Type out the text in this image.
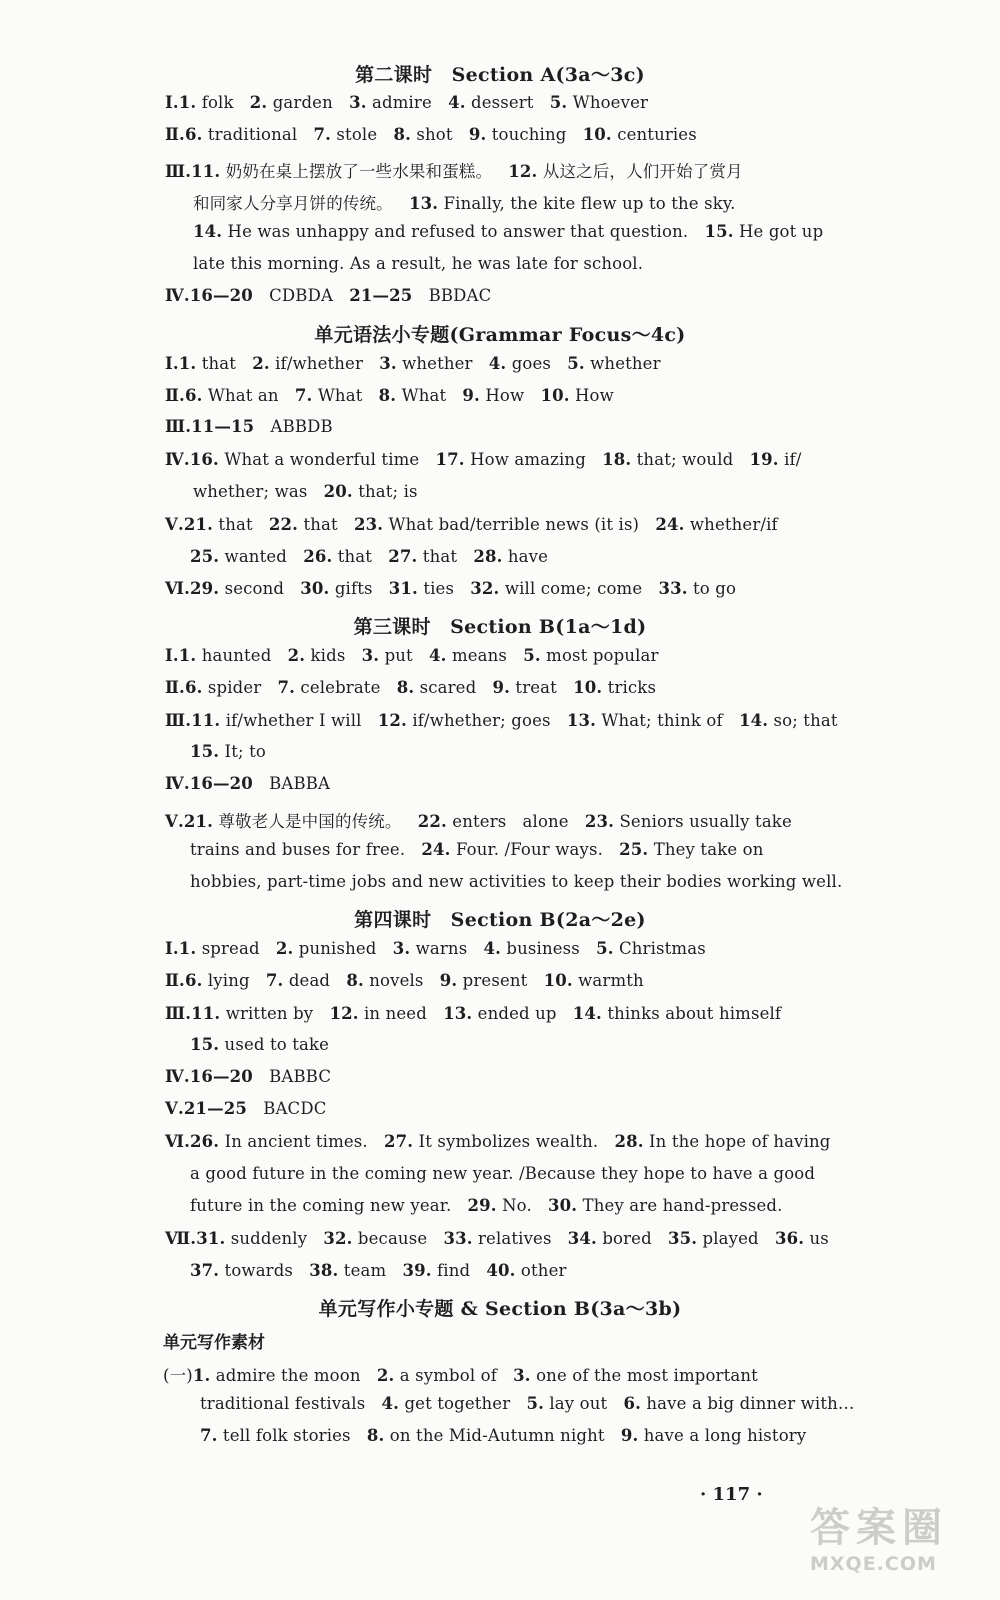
第二课时　Section A(3a～3c)
Ⅰ.1. folk   2. garden   3. admire   4. dessert   5. Whoever
Ⅱ.6. traditional   7. stole   8. shot   9. touching   10. centuries
Ⅲ.11. 奶奶在桌上摆放了一些水果和蛋糕。   12. 从这之后，人们开始了赏月
和同家人分享月饼的传统。   13. Finally, the kite flew up to the sky.
14. He was unhappy and refused to answer that question.   15. He got up
late this morning. As a result, he was late for school.
Ⅳ.16—20   CDBDA   21—25   BBDAC
单元语法小专题(Grammar Focus～4c)
Ⅰ.1. that   2. if/whether   3. whether   4. goes   5. whether
Ⅱ.6. What an   7. What   8. What   9. How   10. How
Ⅲ.11—15   ABBDB
Ⅳ.16. What a wonderful time   17. How amazing   18. that; would   19. if/
whether; was   20. that; is
Ⅴ.21. that   22. that   23. What bad/terrible news (it is)   24. whether/if
25. wanted   26. that   27. that   28. have
Ⅵ.29. second   30. gifts   31. ties   32. will come; come   33. to go
第三课时　Section B(1a～1d)
Ⅰ.1. haunted   2. kids   3. put   4. means   5. most popular
Ⅱ.6. spider   7. celebrate   8. scared   9. treat   10. tricks
Ⅲ.11. if/whether I will   12. if/whether; goes   13. What; think of   14. so; that
15. It; to
Ⅳ.16—20   BABBA
Ⅴ.21. 尊敬老人是中国的传统。   22. enters   alone   23. Seniors usually take
trains and buses for free.   24. Four. /Four ways.   25. They take on
hobbies, part-time jobs and new activities to keep their bodies working well.
第四课时　Section B(2a～2e)
Ⅰ.1. spread   2. punished   3. warns   4. business   5. Christmas
Ⅱ.6. lying   7. dead   8. novels   9. present   10. warmth
Ⅲ.11. written by   12. in need   13. ended up   14. thinks about himself
15. used to take
Ⅳ.16—20   BABBC
Ⅴ.21—25   BACDC
Ⅵ.26. In ancient times.   27. It symbolizes wealth.   28. In the hope of having
a good future in the coming new year. /Because they hope to have a good
future in the coming new year.   29. No.   30. They are hand-pressed.
Ⅶ.31. suddenly   32. because   33. relatives   34. bored   35. played   36. us
37. towards   38. team   39. find   40. other
单元写作小专题 & Section B(3a～3b)
单元写作素材
(一)1. admire the moon   2. a symbol of   3. one of the most important
traditional festivals   4. get together   5. lay out   6. have a big dinner with…
7. tell folk stories   8. on the Mid-Autumn night   9. have a long history
· 117 ·
答案圈
MXQE.COM
